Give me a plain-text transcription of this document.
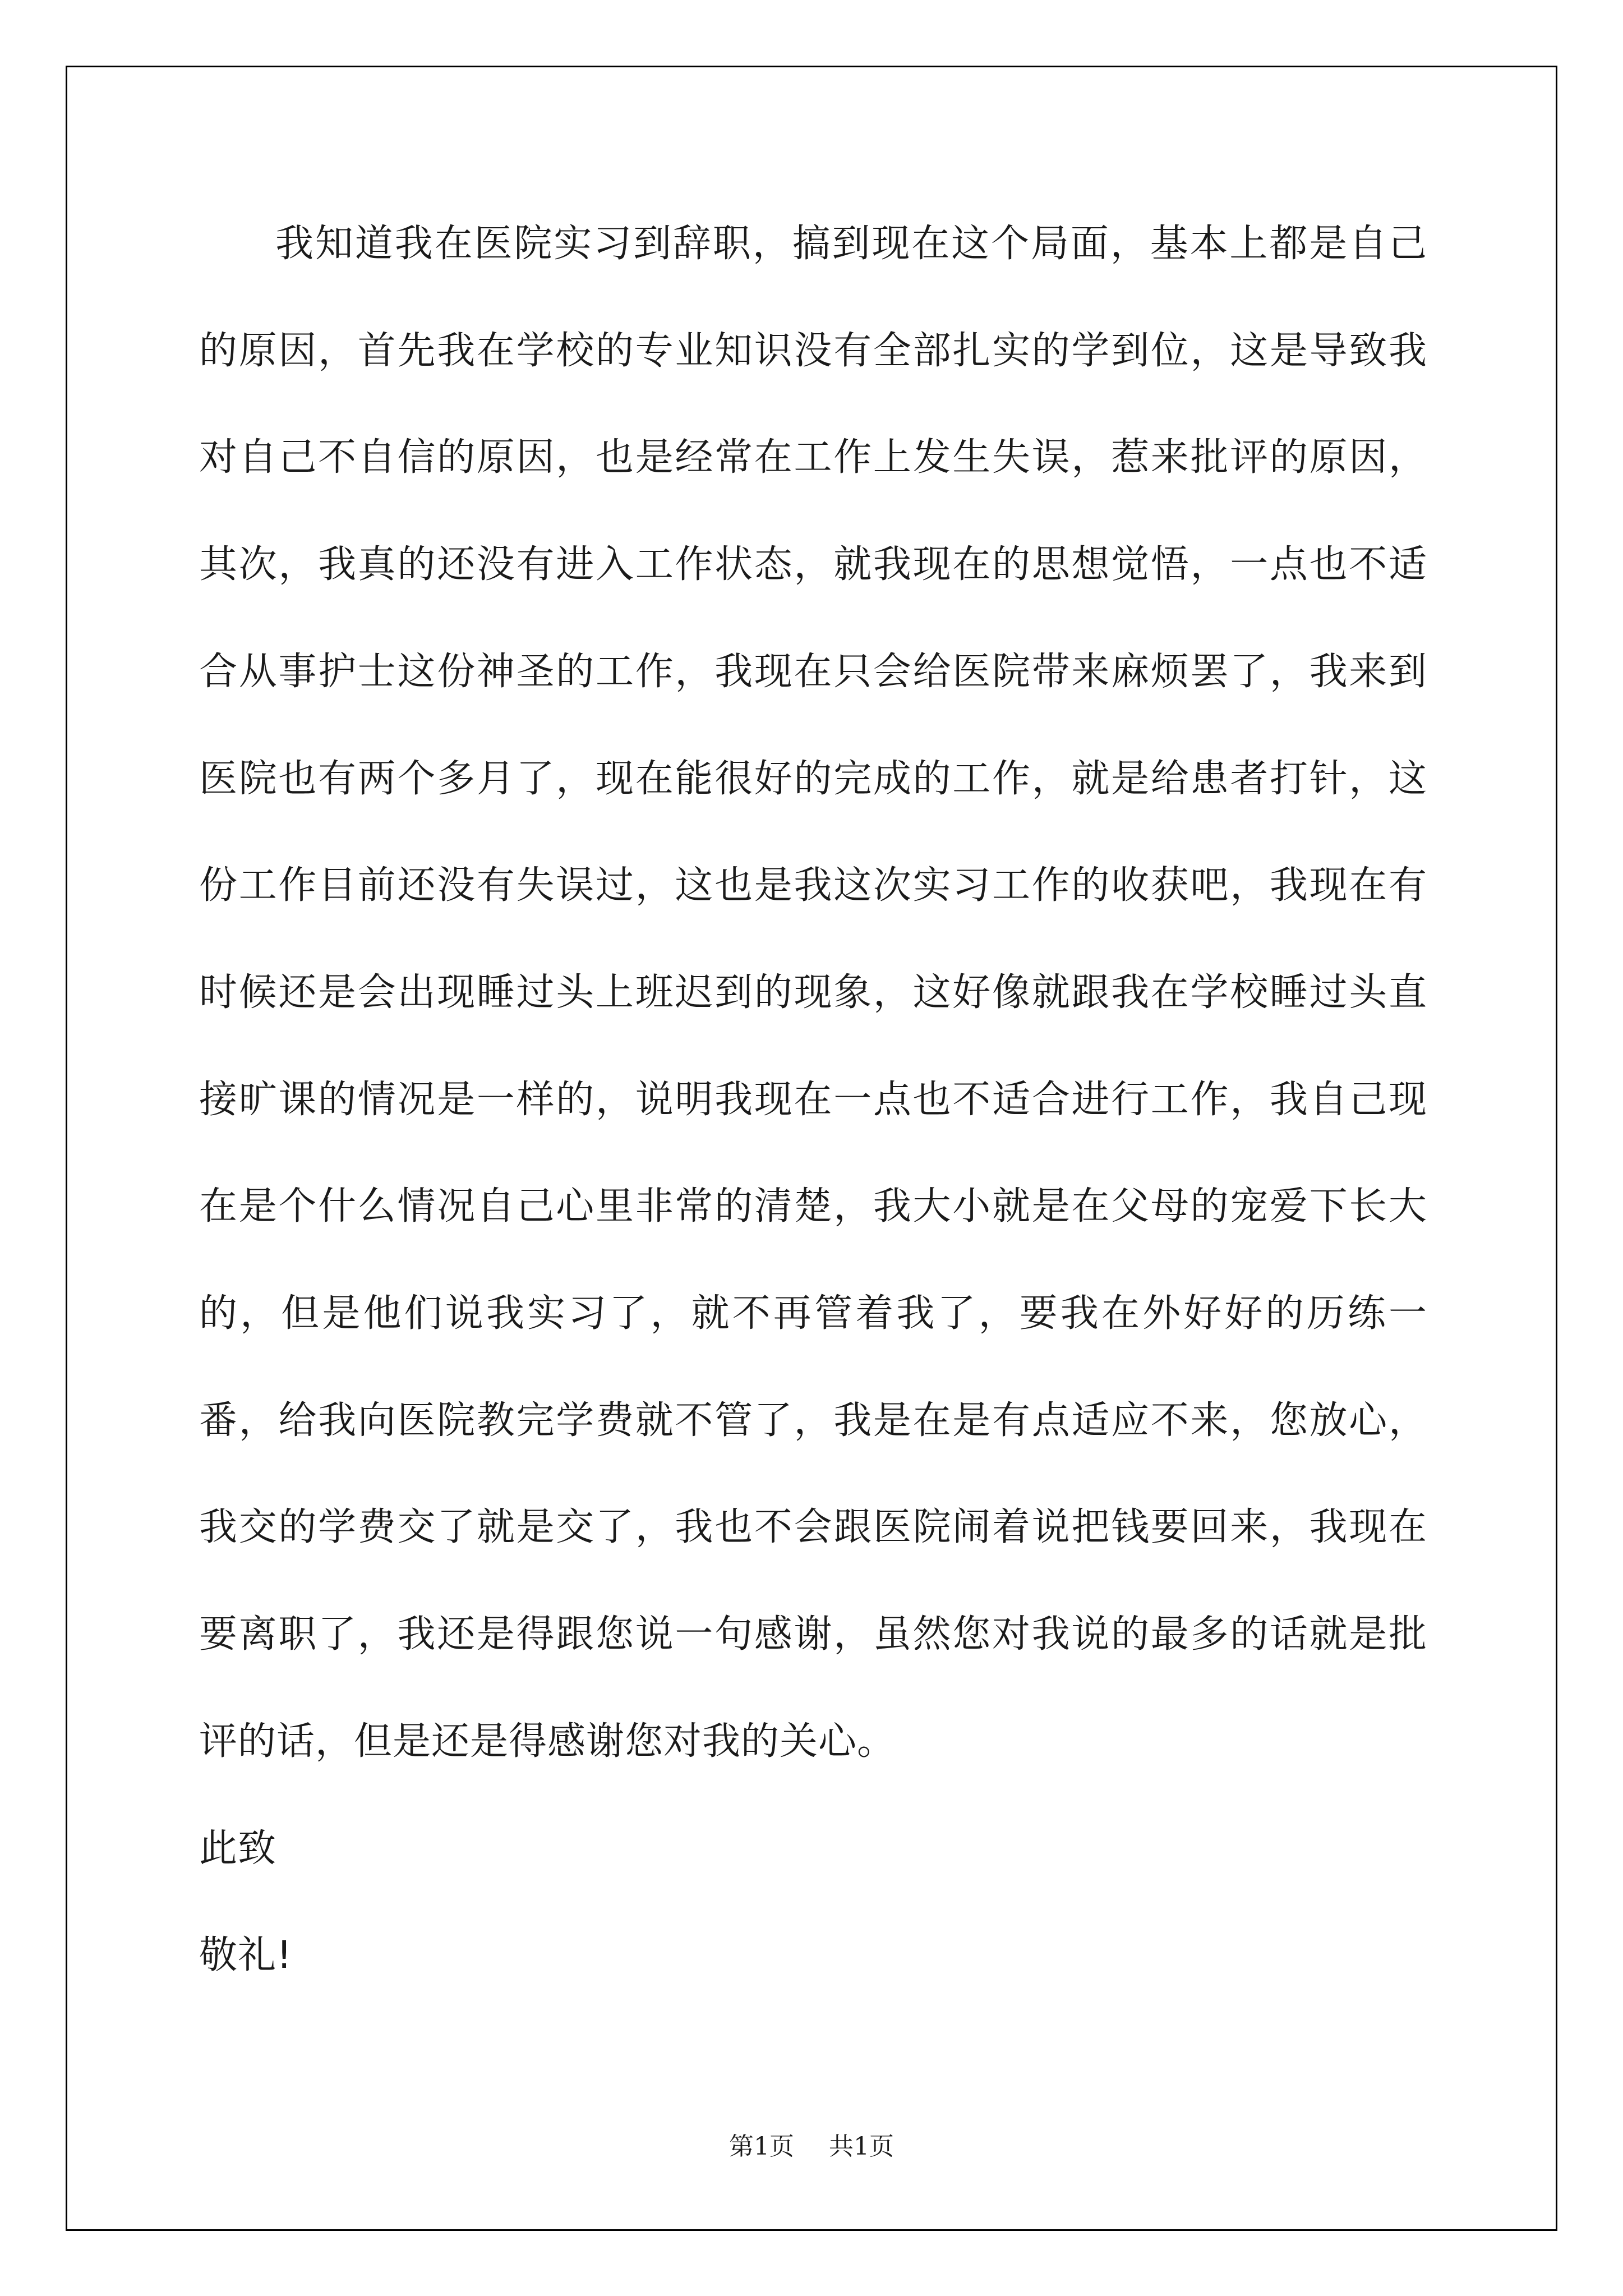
我知道我在医院实习到辞职，搞到现在这个局面，基本上都是自己的原因，首先我在学校的专业知识没有全部扎实的学到位，这是导致我对自己不自信的原因，也是经常在工作上发生失误，惹来批评的原因，其次，我真的还没有进入工作状态，就我现在的思想觉悟，一点也不适合从事护士这份神圣的工作，我现在只会给医院带来麻烦罢了，我来到医院也有两个多月了，现在能很好的完成的工作，就是给患者打针，这份工作目前还没有失误过，这也是我这次实习工作的收获吧，我现在有时候还是会出现睡过头上班迟到的现象，这好像就跟我在学校睡过头直接旷课的情况是一样的，说明我现在一点也不适合进行工作，我自己现在是个什么情况自己心里非常的清楚，我大小就是在父母的宠爱下长大的，但是他们说我实习了，就不再管着我了，要我在外好好的历练一番，给我向医院教完学费就不管了，我是在是有点适应不来，您放心，我交的学费交了就是交了，我也不会跟医院闹着说把钱要回来，我现在要离职了，我还是得跟您说一句感谢，虽然您对我说的最多的话就是批评的话，但是还是得感谢您对我的关心。

此致

敬礼!

第1页 共1页
